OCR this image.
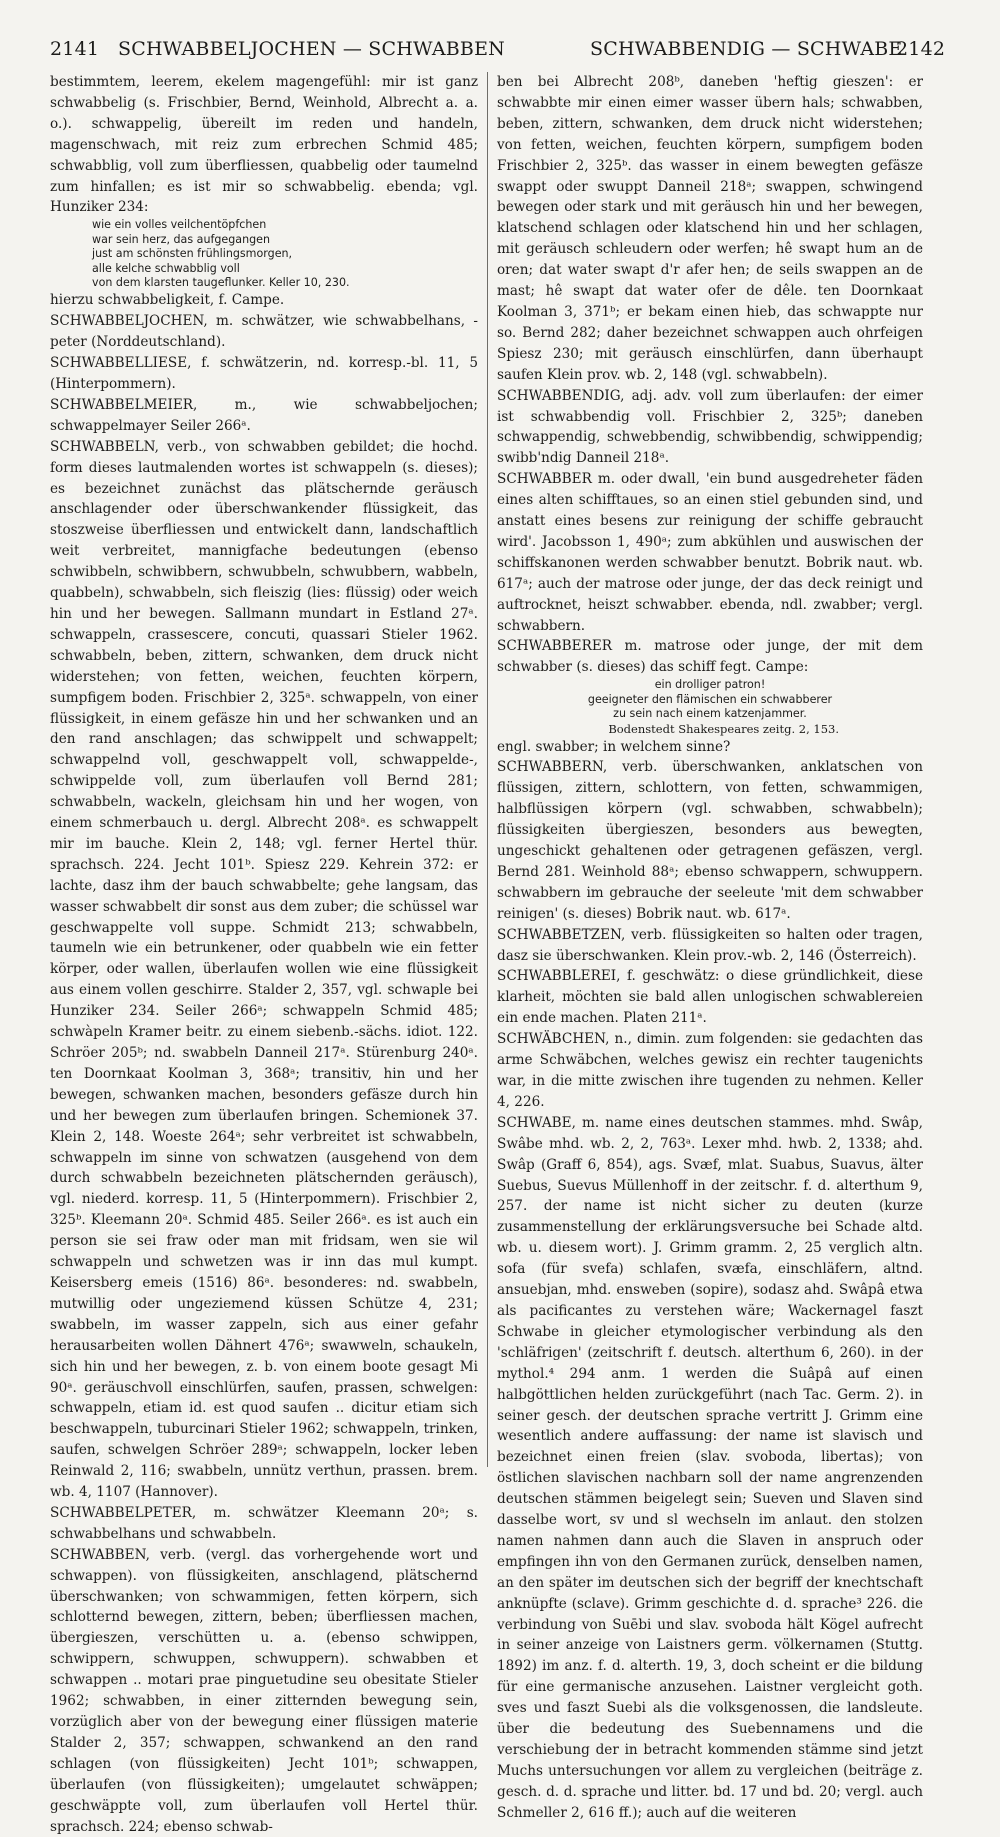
2141 SCHWABBELJOCHEN — SCHWABBEN	SCHWABBENDIG — SCHWABE
2142

bestimmtem, leerem, ekelem magengefühl: mir ist ganz schwabbelig (s. Frischbier, Bernd, Weinhold, Albrecht a. a. o.). schwappelig, übereilt im reden und handeln, magenschwach, mit reiz zum erbrechen Schmid 485; schwabblig, voll zum überfliessen, quabbelig oder taumelnd zum hinfallen; es ist mir so schwabbelig. ebenda; vgl. Hunziker 234:

wie ein volles veilchentöpfchen
war sein herz, das aufgegangen
just am schönsten frühlingsmorgen,
alle kelche schwabblig voll
von dem klarsten taugeflunker. Keller 10, 230.

hierzu schwabbeligkeit, f. Campe.

SCHWABBELJOCHEN, m. schwätzer, wie schwabbelhans, -peter (Norddeutschland).

SCHWABBELLIESE, f. schwätzerin, nd. korresp.-bl. 11, 5 (Hinterpommern).

SCHWABBELMEIER, m., wie schwabbeljochen; schwappelmayer Seiler 266ᵃ.

SCHWABBELN, verb., von schwabben gebildet; die hochd. form dieses lautmalenden wortes ist schwappeln (s. dieses); es bezeichnet zunächst das plätschernde geräusch anschlagender oder überschwankender flüssigkeit, das stoszweise überfliessen und entwickelt dann, landschaftlich weit verbreitet, mannigfache bedeutungen (ebenso schwibbeln, schwibbern, schwubbeln, schwubbern, wabbeln, quabbeln), schwabbeln, sich fleiszig (lies: flüssig) oder weich hin und her bewegen. Sallmann mundart in Estland 27ᵃ. schwappeln, crassescere, concuti, quassari Stieler 1962. schwabbeln, beben, zittern, schwanken, dem druck nicht widerstehen; von fetten, weichen, feuchten körpern, sumpfigem boden. Frischbier 2, 325ᵃ. schwappeln, von einer flüssigkeit, in einem gefäsze hin und her schwanken und an den rand anschlagen; das schwippelt und schwappelt; schwappelnd voll, geschwappelt voll, schwappelde-, schwippelde voll, zum überlaufen voll Bernd 281; schwabbeln, wackeln, gleichsam hin und her wogen, von einem schmerbauch u. dergl. Albrecht 208ᵃ. es schwappelt mir im bauche. Klein 2, 148; vgl. ferner Hertel thür. sprachsch. 224. Jecht 101ᵇ. Spiesz 229. Kehrein 372: er lachte, dasz ihm der bauch schwabbelte; gehe langsam, das wasser schwabbelt dir sonst aus dem zuber; die schüssel war geschwappelte voll suppe. Schmidt 213; schwabbeln, taumeln wie ein betrunkener, oder quabbeln wie ein fetter körper, oder wallen, überlaufen wollen wie eine flüssigkeit aus einem vollen geschirre. Stalder 2, 357, vgl. schwaple bei Hunziker 234. Seiler 266ᵃ; schwappeln Schmid 485; schwàpeln Kramer beitr. zu einem siebenb.-sächs. idiot. 122. Schröer 205ᵇ; nd. swabbeln Danneil 217ᵃ. Stürenburg 240ᵃ. ten Doornkaat Koolman 3, 368ᵃ; transitiv, hin und her bewegen, schwanken machen, besonders gefäsze durch hin und her bewegen zum überlaufen bringen. Schemionek 37. Klein 2, 148. Woeste 264ᵃ; sehr verbreitet ist schwabbeln, schwappeln im sinne von schwatzen (ausgehend von dem durch schwabbeln bezeichneten plätschernden geräusch), vgl. niederd. korresp. 11, 5 (Hinterpommern). Frischbier 2, 325ᵇ. Kleemann 20ᵃ. Schmid 485. Seiler 266ᵃ. es ist auch ein person sie sei fraw oder man mit fridsam, wen sie wil schwappeln und schwetzen was ir inn das mul kumpt. Keisersberg emeis (1516) 86ᵃ. besonderes: nd. swabbeln, mutwillig oder ungeziemend küssen Schütze 4, 231; swabbeln, im wasser zappeln, sich aus einer gefahr herausarbeiten wollen Dähnert 476ᵃ; swawweln, schaukeln, sich hin und her bewegen, z. b. von einem boote gesagt Mi 90ᵃ. geräuschvoll einschlürfen, saufen, prassen, schwelgen: schwappeln, etiam id. est quod saufen .. dicitur etiam sich beschwappeln, tuburcinari Stieler 1962; schwappeln, trinken, saufen, schwelgen Schröer 289ᵃ; schwappeln, locker leben Reinwald 2, 116; swabbeln, unnütz verthun, prassen. brem. wb. 4, 1107 (Hannover).

SCHWABBELPETER, m. schwätzer Kleemann 20ᵃ; s. schwabbelhans und schwabbeln.

SCHWABBEN, verb. (vergl. das vorhergehende wort und schwappen). von flüssigkeiten, anschlagend, plätschernd überschwanken; von schwammigen, fetten körpern, sich schlotternd bewegen, zittern, beben; überfliessen machen, übergieszen, verschütten u. a. (ebenso schwippen, schwippern, schwuppen, schwuppern). schwabben et schwappen .. motari prae pinguetudine seu obesitate Stieler 1962; schwabben, in einer zitternden bewegung sein, vorzüglich aber von der bewegung einer flüssigen materie Stalder 2, 357; schwappen, schwankend an den rand schlagen (von flüssigkeiten) Jecht 101ᵇ; schwappen, überlaufen (von flüssigkeiten); umgelautet schwäppen; geschwäppte voll, zum überlaufen voll Hertel thür. sprachsch. 224; ebenso schwab-

ben bei Albrecht 208ᵇ, daneben 'heftig gieszen': er schwabbte mir einen eimer wasser übern hals; schwabben, beben, zittern, schwanken, dem druck nicht widerstehen; von fetten, weichen, feuchten körpern, sumpfigem boden Frischbier 2, 325ᵇ. das wasser in einem bewegten gefäsze swappt oder swuppt Danneil 218ᵃ; swappen, schwingend bewegen oder stark und mit geräusch hin und her bewegen, klatschend schlagen oder klatschend hin und her schlagen, mit geräusch schleudern oder werfen; hê swapt hum an de oren; dat water swapt d'r afer hen; de seils swappen an de mast; hê swapt dat water ofer de dêle. ten Doornkaat Koolman 3, 371ᵇ; er bekam einen hieb, das schwappte nur so. Bernd 282; daher bezeichnet schwappen auch ohrfeigen Spiesz 230; mit geräusch einschlürfen, dann überhaupt saufen Klein prov. wb. 2, 148 (vgl. schwabbeln).

SCHWABBENDIG, adj. adv. voll zum überlaufen: der eimer ist schwabbendig voll. Frischbier 2, 325ᵇ; daneben schwappendig, schwebbendig, schwibbendig, schwippendig; swibb'ndig Danneil 218ᵃ.

SCHWABBER m. oder dwall, 'ein bund ausgedreheter fäden eines alten schifftaues, so an einen stiel gebunden sind, und anstatt eines besens zur reinigung der schiffe gebraucht wird'. Jacobsson 1, 490ᵃ; zum abkühlen und auswischen der schiffskanonen werden schwabber benutzt. Bobrik naut. wb. 617ᵃ; auch der matrose oder junge, der das deck reinigt und auftrocknet, heiszt schwabber. ebenda, ndl. zwabber; vergl. schwabbern.

SCHWABBERER m. matrose oder junge, der mit dem schwabber (s. dieses) das schiff fegt. Campe:

ein drolliger patron!
geeigneter den flämischen ein schwabberer
zu sein nach einem katzenjammer.
Bodenstedt Shakespeares zeitg. 2, 153.

engl. swabber; in welchem sinne?

SCHWABBERN, verb. überschwanken, anklatschen von flüssigen, zittern, schlottern, von fetten, schwammigen, halbflüssigen körpern (vgl. schwabben, schwabbeln); flüssigkeiten übergieszen, besonders aus bewegten, ungeschickt gehaltenen oder getragenen gefäszen, vergl. Bernd 281. Weinhold 88ᵃ; ebenso schwappern, schwuppern. schwabbern im gebrauche der seeleute 'mit dem schwabber reinigen' (s. dieses) Bobrik naut. wb. 617ᵃ.

SCHWABBETZEN, verb. flüssigkeiten so halten oder tragen, dasz sie überschwanken. Klein prov.-wb. 2, 146 (Österreich).

SCHWABBLEREI, f. geschwätz: o diese gründlichkeit, diese klarheit, möchten sie bald allen unlogischen schwablereien ein ende machen. Platen 211ᵃ.

SCHWÄBCHEN, n., dimin. zum folgenden: sie gedachten das arme Schwäbchen, welches gewisz ein rechter taugenichts war, in die mitte zwischen ihre tugenden zu nehmen. Keller 4, 226.

SCHWABE, m. name eines deutschen stammes. mhd. Swâp, Swâbe mhd. wb. 2, 2, 763ᵃ. Lexer mhd. hwb. 2, 1338; ahd. Swâp (Graff 6, 854), ags. Svæf, mlat. Suabus, Suavus, älter Suebus, Suevus Müllenhoff in der zeitschr. f. d. alterthum 9, 257. der name ist nicht sicher zu deuten (kurze zusammenstellung der erklärungsversuche bei Schade altd. wb. u. diesem wort). J. Grimm gramm. 2, 25 verglich altn. sofa (für svefa) schlafen, svæfa, einschläfern, altnd. ansuebjan, mhd. ensweben (sopire), sodasz ahd. Swâpâ etwa als pacificantes zu verstehen wäre; Wackernagel faszt Schwabe in gleicher etymologischer verbindung als den 'schläfrigen' (zeitschrift f. deutsch. alterthum 6, 260). in der mythol.⁴ 294 anm. 1 werden die Suâpâ auf einen halbgöttlichen helden zurückgeführt (nach Tac. Germ. 2). in seiner gesch. der deutschen sprache vertritt J. Grimm eine wesentlich andere auffassung: der name ist slavisch und bezeichnet einen freien (slav. svoboda, libertas); von östlichen slavischen nachbarn soll der name angrenzenden deutschen stämmen beigelegt sein; Sueven und Slaven sind dasselbe wort, sv und sl wechseln im anlaut. den stolzen namen nahmen dann auch die Slaven in anspruch oder empfingen ihn von den Germanen zurück, denselben namen, an den später im deutschen sich der begriff der knechtschaft anknüpfte (sclave). Grimm geschichte d. d. sprache³ 226. die verbindung von Suēbi und slav. svoboda hält Kögel aufrecht in seiner anzeige von Laistners germ. völkernamen (Stuttg. 1892) im anz. f. d. alterth. 19, 3, doch scheint er die bildung für eine germanische anzusehen. Laistner vergleicht goth. sves und faszt Suebi als die volksgenossen, die landsleute. über die bedeutung des Suebennamens und die verschiebung der in betracht kommenden stämme sind jetzt Muchs untersuchungen vor allem zu vergleichen (beiträge z. gesch. d. d. sprache und litter. bd. 17 und bd. 20; vergl. auch Schmeller 2, 616 ff.); auch auf die weiteren
